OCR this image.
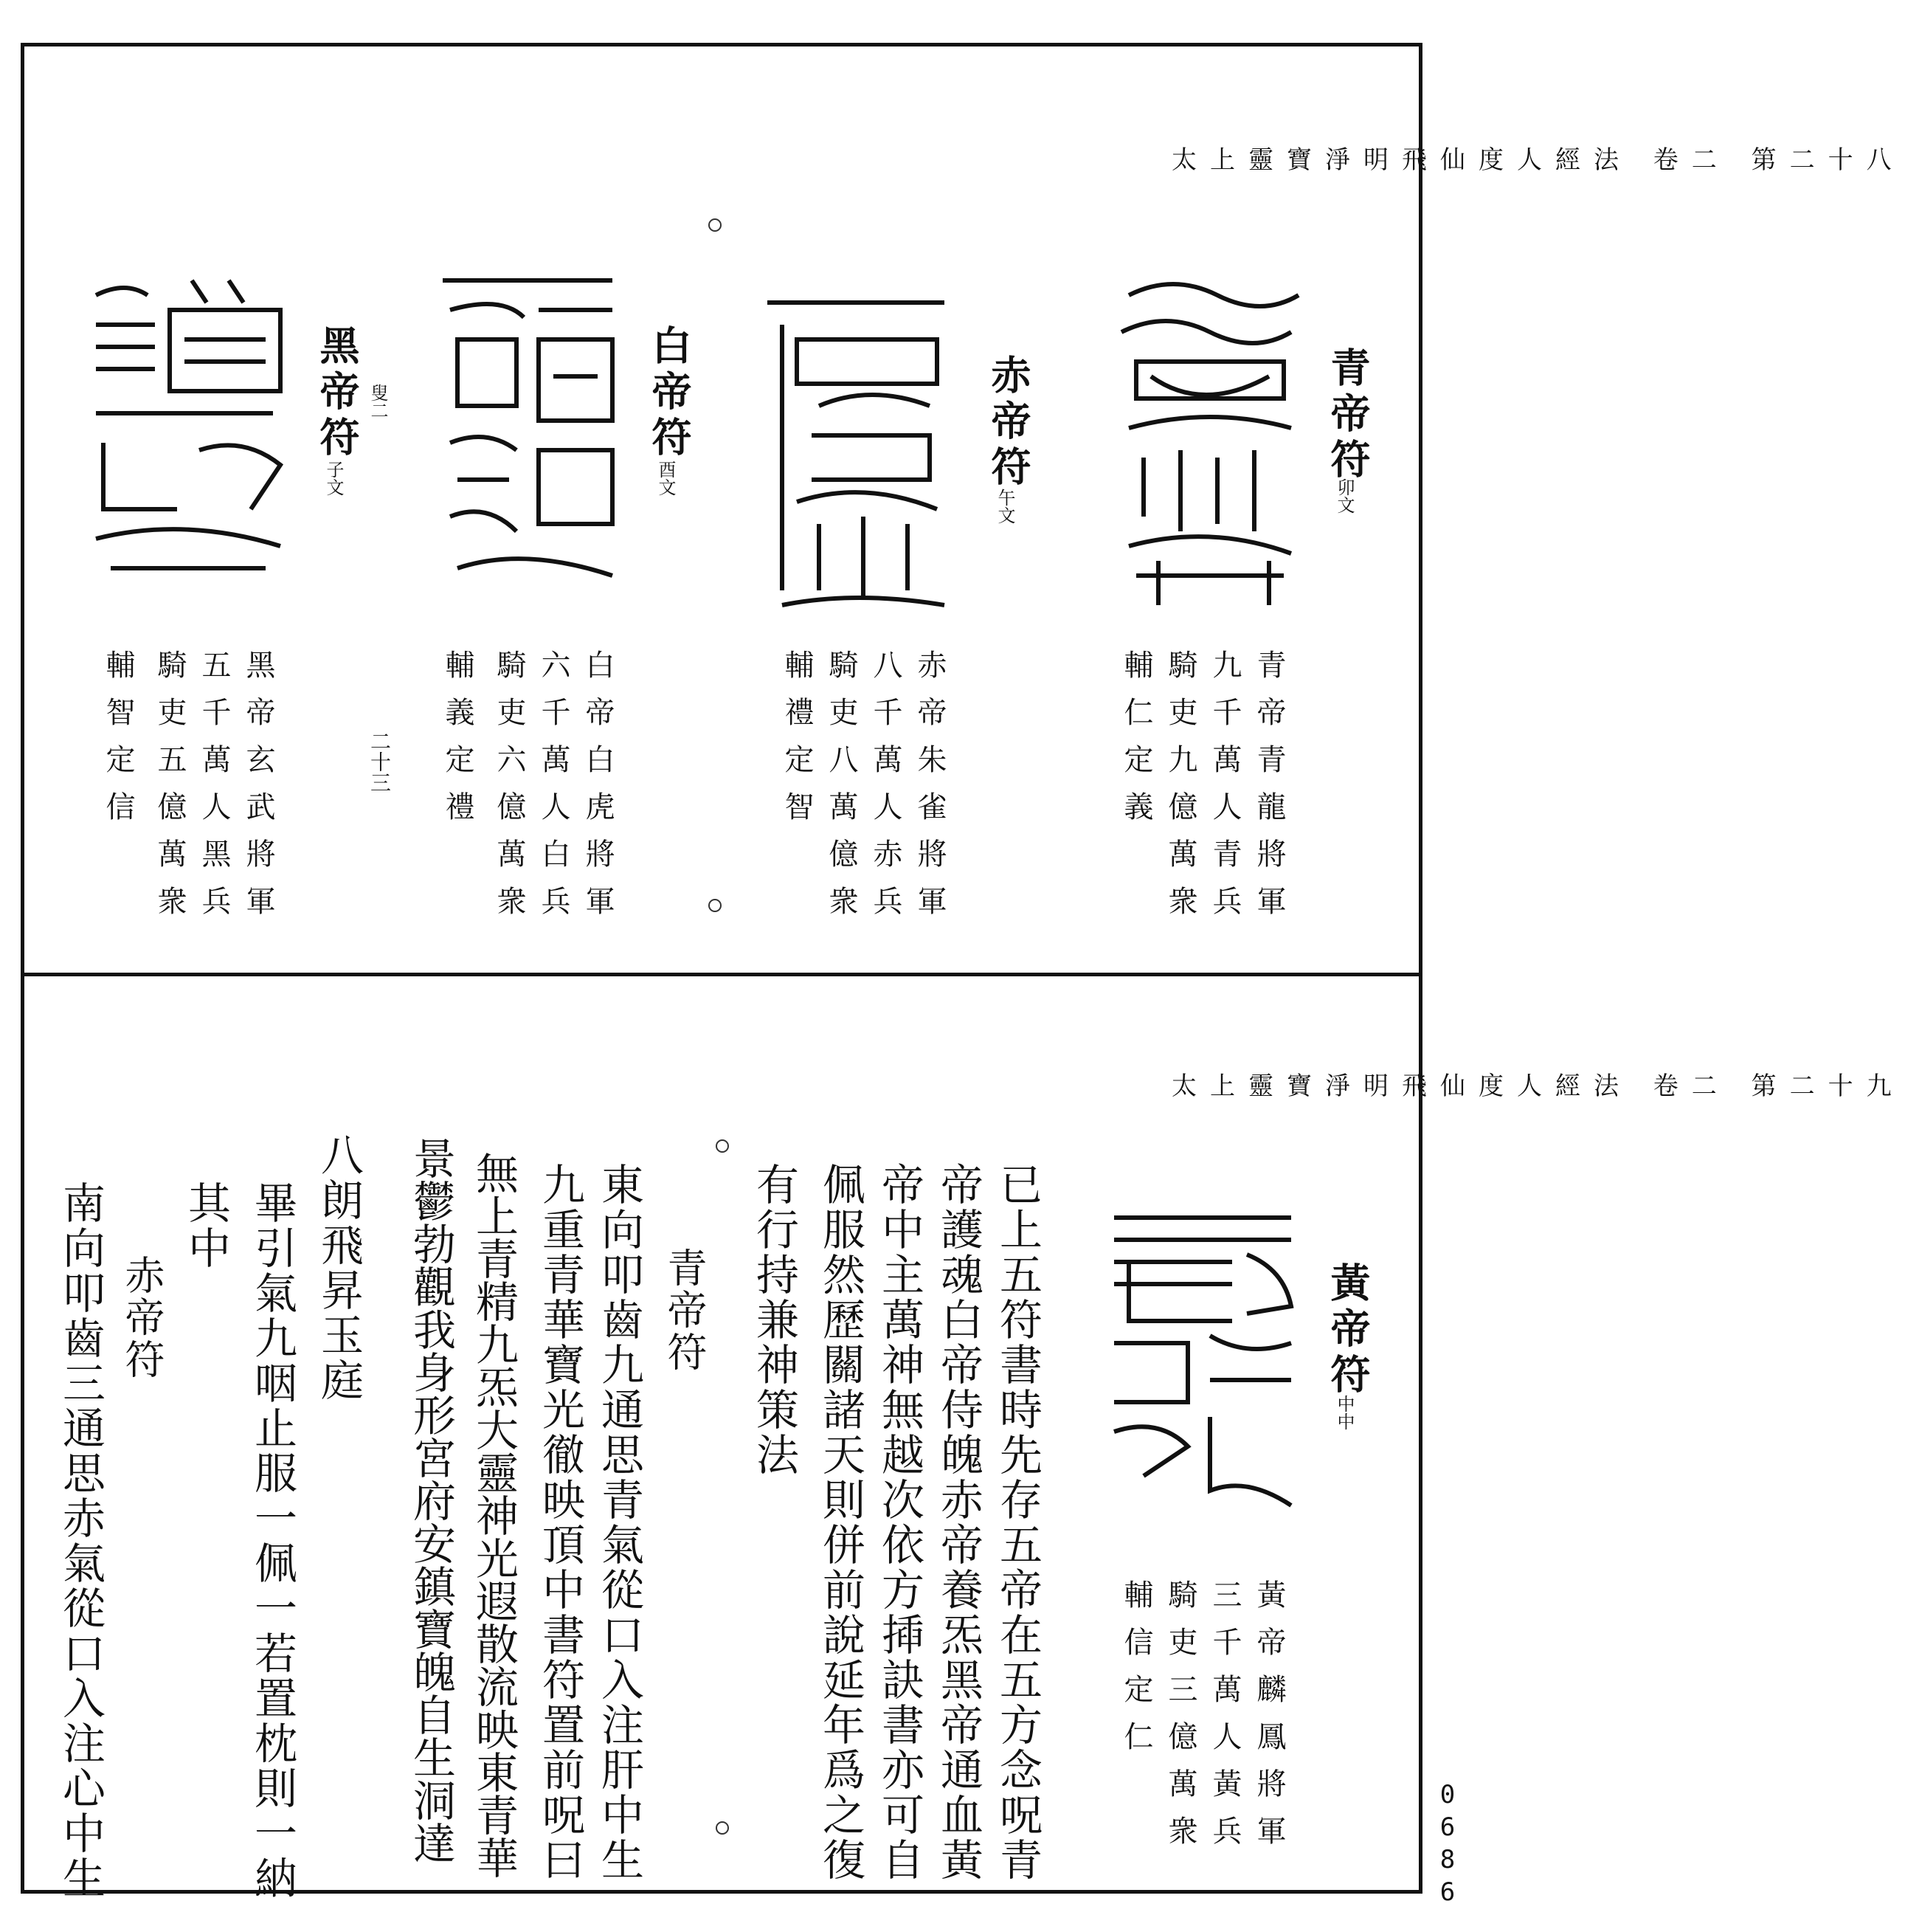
太上靈寶淨明飛仙度人經法 卷二 第二十八
青帝符
卯文
青帝青龍將軍
九千萬人青兵
騎吏九億萬衆
輔仁定義
赤帝符
午文
赤帝朱雀將軍
八千萬人赤兵
騎吏八萬億衆
輔禮定智
白帝符
酉文
白帝白虎將軍
六千萬人白兵
騎吏六億萬衆
輔義定禮
二十三
黑帝符 叟二
子文
黑帝玄武將軍
五千萬人黑兵
騎吏五億萬衆
輔智定信
太上靈寶淨明飛仙度人經法 卷二 第二十九
黃帝符
中中
黃帝麟鳳將軍
三千萬人黃兵
騎吏三億萬衆
輔信定仁
已上五符書時先存五帝在五方念呪青
帝護魂白帝侍魄赤帝養炁黑帝通血黃
帝中主萬神無越次依方揷訣書亦可自
佩服然歷關諸天則併前說延年爲之復
有行持兼神策法
青帝符
東向叩齒九通思青氣從口入注肝中生
九重青華寶光徹映頂中書符置前呪曰
無上青精九炁大靈神光遐散流映東青華
景鬱勃觀我身形宮府安鎮寶魄自生洞達
八朗飛昇玉庭
畢引氣九咽止服一佩一若置枕則一納
其中
赤帝符
南向叩齒三通思赤氣從口入注心中生	0686
